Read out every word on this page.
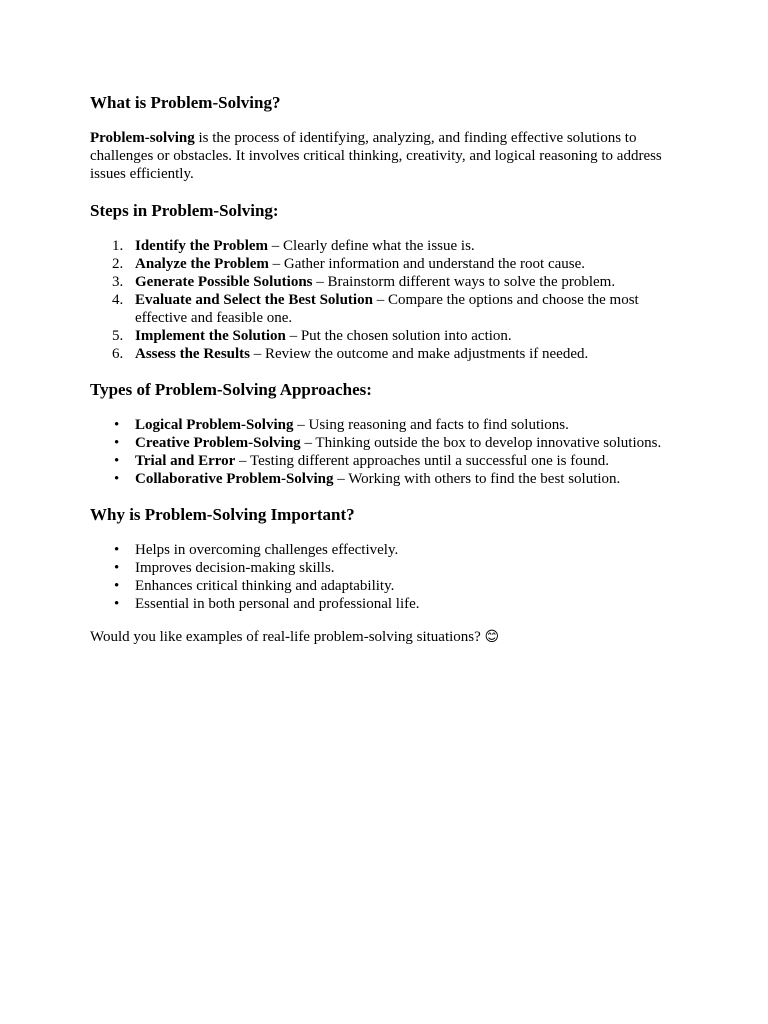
What is Problem-Solving?

Problem-solving is the process of identifying, analyzing, and finding effective solutions to challenges or obstacles. It involves critical thinking, creativity, and logical reasoning to address issues efficiently.

Steps in Problem-Solving:
1. Identify the Problem – Clearly define what the issue is.
2. Analyze the Problem – Gather information and understand the root cause.
3. Generate Possible Solutions – Brainstorm different ways to solve the problem.
4. Evaluate and Select the Best Solution – Compare the options and choose the most effective and feasible one.
5. Implement the Solution – Put the chosen solution into action.
6. Assess the Results – Review the outcome and make adjustments if needed.
Types of Problem-Solving Approaches:
• Logical Problem-Solving – Using reasoning and facts to find solutions.
• Creative Problem-Solving – Thinking outside the box to develop innovative solutions.
• Trial and Error – Testing different approaches until a successful one is found.
• Collaborative Problem-Solving – Working with others to find the best solution.
Why is Problem-Solving Important?
• Helps in overcoming challenges effectively.
• Improves decision-making skills.
• Enhances critical thinking and adaptability.
• Essential in both personal and professional life.

Would you like examples of real-life problem-solving situations? 😊
